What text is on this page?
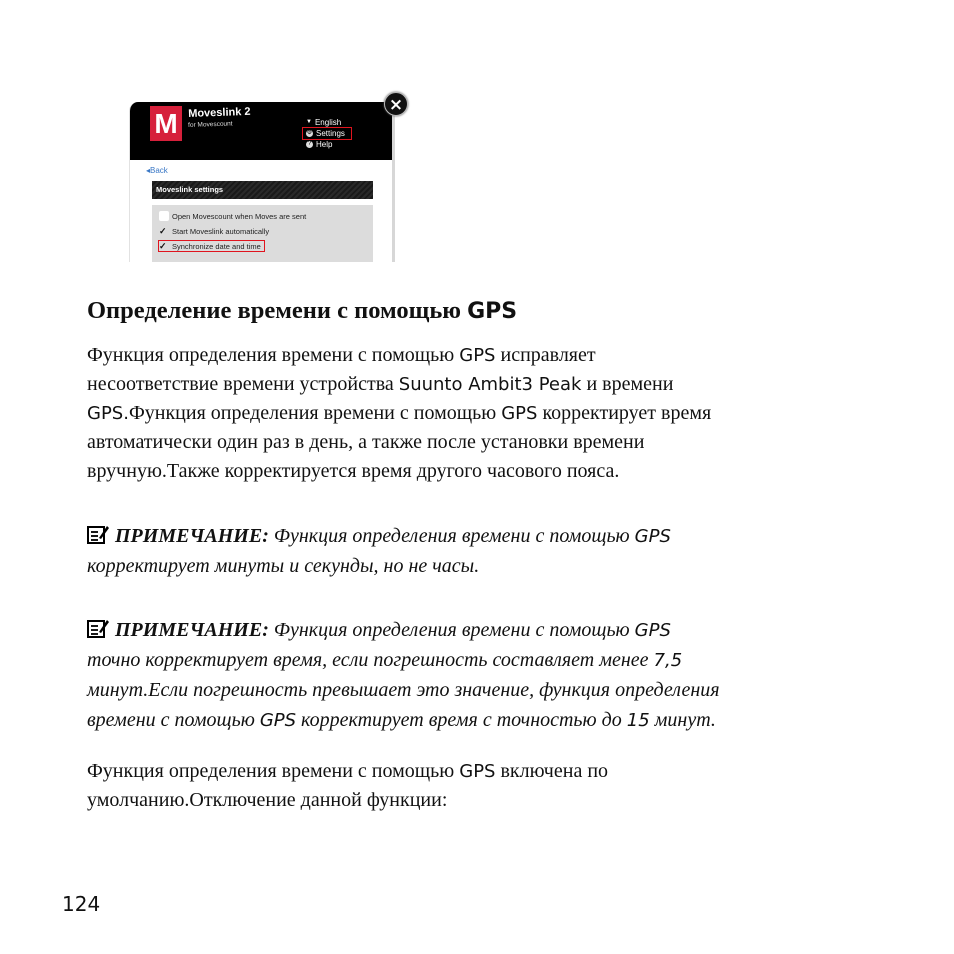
M Moveslink 2
for Movescount	▼ English
⚙ Settings
? Help
◂Back
Moveslink settings
Open Movescount when Moves are sent
✓ Start Moveslink automatically
✓ Synchronize date and time
×
Определение времени с помощью GPS
Функция определения времени с помощью GPS исправляет
несоответствие времени устройства Suunto Ambit3 Peak и времени
GPS.Функция определения времени с помощью GPS корректирует время
автоматически один раз в день, а также после установки времени
вручную.Также корректируется время другого часового пояса.
ПРИМЕЧАНИЕ: Функция определения времени с помощью GPS
корректирует минуты и секунды, но не часы.
ПРИМЕЧАНИЕ: Функция определения времени с помощью GPS
точно корректирует время, если погрешность составляет менее 7,5
минут.Если погрешность превышает это значение, функция определения
времени с помощью GPS корректирует время с точностью до 15 минут.
Функция определения времени с помощью GPS включена по
умолчанию.Отключение данной функции:
124
